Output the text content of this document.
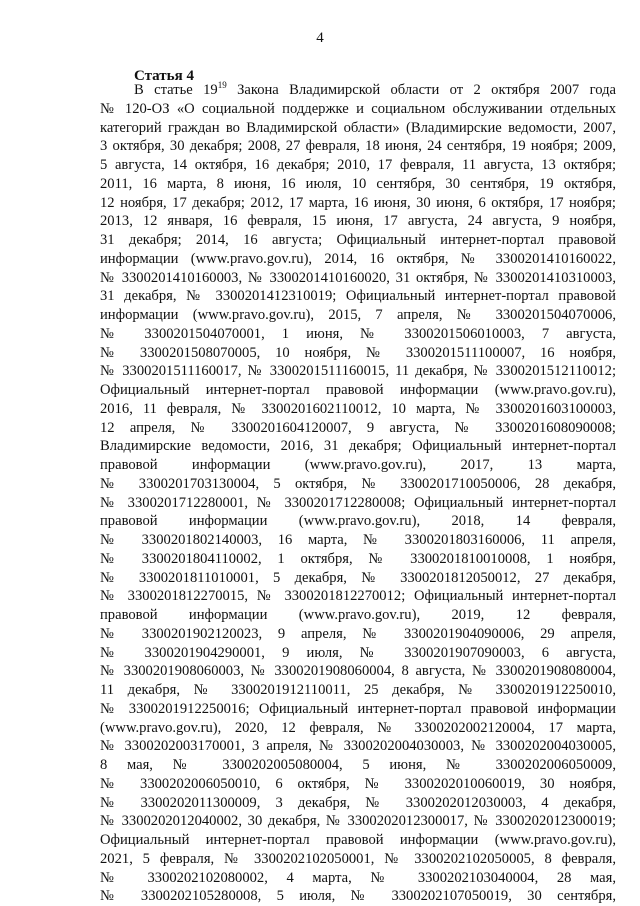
4
Статья 4
В статье $19^{19}$ Закона Владимирской области от 2 октября 2007 года
№ 120-ОЗ «О социальной поддержке и социальном обслуживании отдельных
категорий граждан во Владимирской области» (Владимирские ведомости, 2007,
3 октября, 30 декабря; 2008, 27 февраля, 18 июня, 24 сентября, 19 ноября; 2009,
5 августа, 14 октября, 16 декабря; 2010, 17 февраля, 11 августа, 13 октября;
2011, 16 марта, 8 июня, 16 июля, 10 сентября, 30 сентября, 19 октября,
12 ноября, 17 декабря; 2012, 17 марта, 16 июня, 30 июня, 6 октября, 17 ноября;
2013, 12 января, 16 февраля, 15 июня, 17 августа, 24 августа, 9 ноября,
31 декабря; 2014, 16 августа; Официальный интернет-портал правовой
информации (www.pravo.gov.ru), 2014, 16 октября, № 3300201410160022,
№ 3300201410160003, № 3300201410160020, 31 октября, № 3300201410310003,
31 декабря, № 3300201412310019; Официальный интернет-портал правовой
информации (www.pravo.gov.ru), 2015, 7 апреля, № 3300201504070006,
№ 3300201504070001, 1 июня, № 3300201506010003, 7 августа,
№ 3300201508070005, 10 ноября, № 3300201511100007, 16 ноября,
№ 3300201511160017, № 3300201511160015, 11 декабря, № 3300201512110012;
Официальный интернет-портал правовой информации (www.pravo.gov.ru),
2016, 11 февраля, № 3300201602110012, 10 марта, № 3300201603100003,
12 апреля, № 3300201604120007, 9 августа, № 3300201608090008;
Владимирские ведомости, 2016, 31 декабря; Официальный интернет-портал
правовой информации (www.pravo.gov.ru), 2017, 13 марта,
№ 3300201703130004, 5 октября, № 3300201710050006, 28 декабря,
№ 3300201712280001, № 3300201712280008; Официальный интернет-портал
правовой информации (www.pravo.gov.ru), 2018, 14 февраля,
№ 3300201802140003, 16 марта, № 3300201803160006, 11 апреля,
№ 3300201804110002, 1 октября, № 3300201810010008, 1 ноября,
№ 3300201811010001, 5 декабря, № 3300201812050012, 27 декабря,
№ 3300201812270015, № 3300201812270012; Официальный интернет-портал
правовой информации (www.pravo.gov.ru), 2019, 12 февраля,
№ 3300201902120023, 9 апреля, № 3300201904090006, 29 апреля,
№ 3300201904290001, 9 июля, № 3300201907090003, 6 августа,
№ 3300201908060003, № 3300201908060004, 8 августа, № 3300201908080004,
11 декабря, № 3300201912110011, 25 декабря, № 3300201912250010,
№ 3300201912250016; Официальный интернет-портал правовой информации
(www.pravo.gov.ru), 2020, 12 февраля, № 3300202002120004, 17 марта,
№ 3300202003170001, 3 апреля, № 3300202004030003, № 3300202004030005,
8 мая, № 3300202005080004, 5 июня, № 3300202006050009,
№ 3300202006050010, 6 октября, № 3300202010060019, 30 ноября,
№ 3300202011300009, 3 декабря, № 3300202012030003, 4 декабря,
№ 3300202012040002, 30 декабря, № 3300202012300017, № 3300202012300019;
Официальный интернет-портал правовой информации (www.pravo.gov.ru),
2021, 5 февраля, № 3300202102050001, № 3300202102050005, 8 февраля,
№ 3300202102080002, 4 марта, № 3300202103040004, 28 мая,
№ 3300202105280008, 5 июля, № 3300202107050019, 30 сентября,
